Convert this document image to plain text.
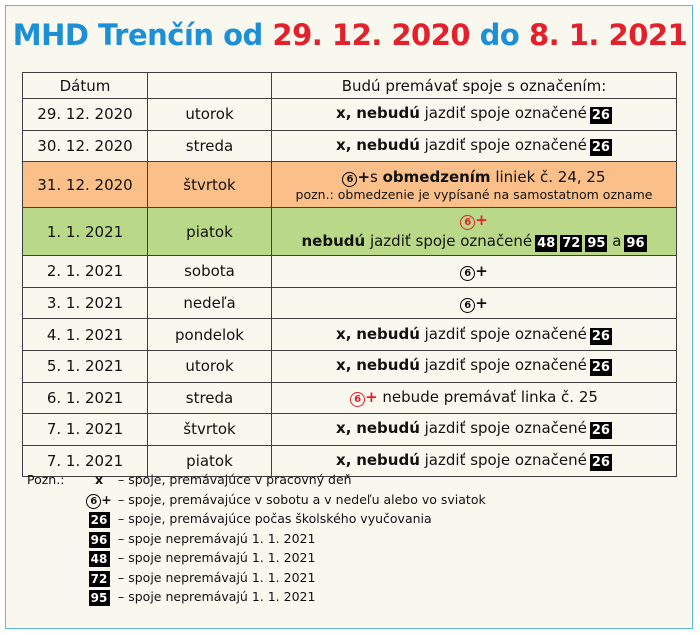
MHD Trenčín od 29. 12. 2020 do 8. 1. 2021
Dátum		Budú premávať spoje s označením:
29. 12. 2020	utorok	x, nebudú jazdiť spoje označené 26
30. 12. 2020	streda	x, nebudú jazdiť spoje označené 26
31. 12. 2020	štvrtok	6 +s obmedzením liniek č. 24, 25
pozn.: obmedzenie je vypísané na samostatnom ozname

1. 1. 2021	piatok	6 +
nebudú jazdiť spoje označené 48 72 95 a 96

2. 1. 2021	sobota	6 +
3. 1. 2021	nedeľa	6 +
4. 1. 2021	pondelok	x, nebudú jazdiť spoje označené 26
5. 1. 2021	utorok	x, nebudú jazdiť spoje označené 26
6. 1. 2021	streda	6 + nebude premávať linka č. 25
7. 1. 2021	štvrtok	x, nebudú jazdiť spoje označené 26
7. 1. 2021	piatok	x, nebudú jazdiť spoje označené 26
Pozn.:	x	– spoje, premávajúce v pracovný deň
6 + – spoje, premávajúce v sobotu a v nedeľu alebo vo sviatok
26 – spoje, premávajúce počas školského vyučovania
96 – spoje nepremávajú 1. 1. 2021
48 – spoje nepremávajú 1. 1. 2021
72 – spoje nepremávajú 1. 1. 2021
95 – spoje nepremávajú 1. 1. 2021
